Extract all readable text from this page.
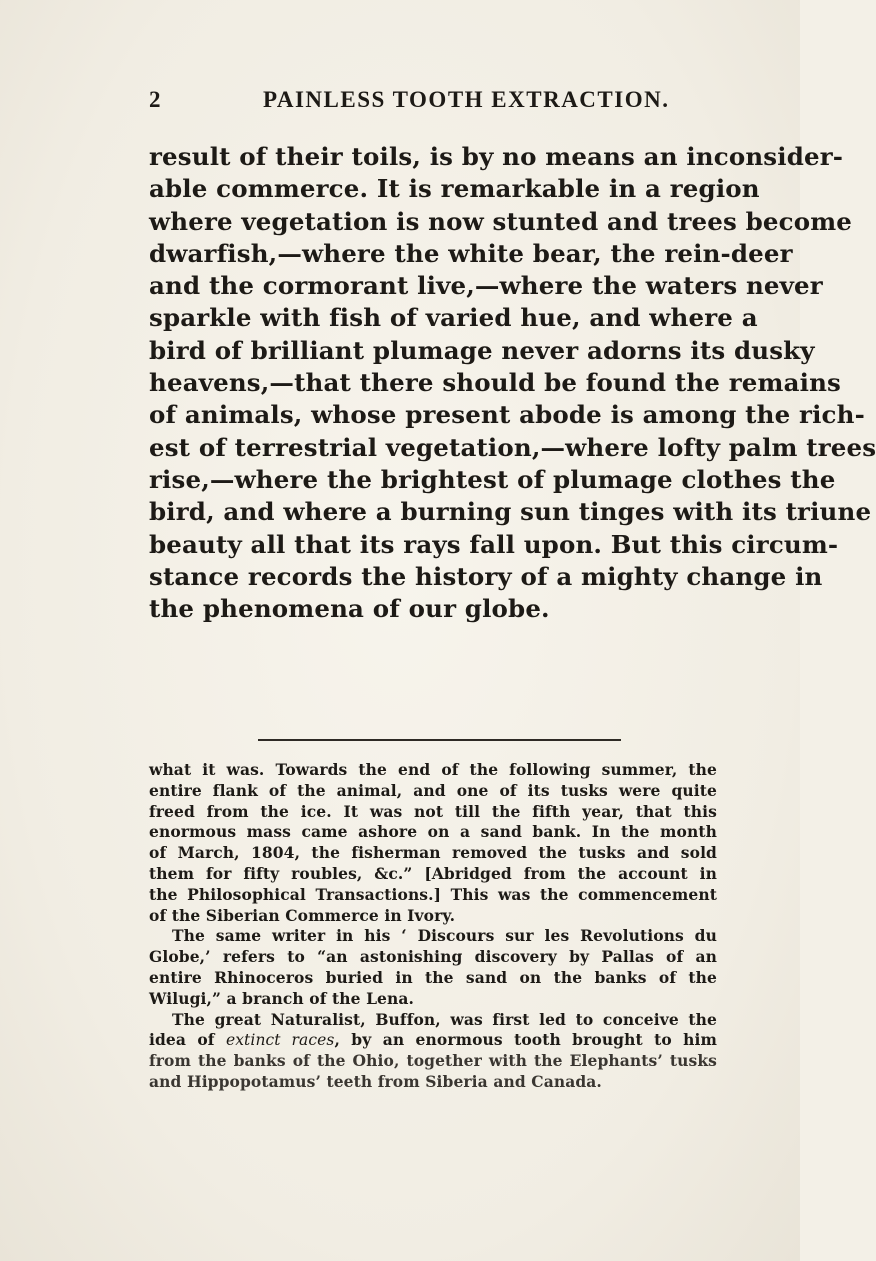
2	PAINLESS TOOTH EXTRACTION.
result of their toils, is by no means an inconsider-
able commerce. It is remarkable in a region
where vegetation is now stunted and trees become
dwarfish,—where the white bear, the rein-deer
and the cormorant live,—where the waters never
sparkle with fish of varied hue, and where a
bird of brilliant plumage never adorns its dusky
heavens,—that there should be found the remains
of animals, whose present abode is among the rich-
est of terrestrial vegetation,—where lofty palm trees
rise,—where the brightest of plumage clothes the
bird, and where a burning sun tinges with its triune
beauty all that its rays fall upon. But this circum-
stance records the history of a mighty change in
the phenomena of our globe.
what it was. Towards the end of the following summer, the
entire flank of the animal, and one of its tusks were quite
freed from the ice. It was not till the fifth year, that this
enormous mass came ashore on a sand bank. In the month
of March, 1804, the fisherman removed the tusks and sold
them for fifty roubles, &c.” [Abridged from the account in
the Philosophical Transactions.] This was the commencement
of the Siberian Commerce in Ivory.
The same writer in his ‘ Discours sur les Revolutions du
Globe,’ refers to “an astonishing discovery by Pallas of an
entire Rhinoceros buried in the sand on the banks of the
Wilugi,” a branch of the Lena.
The great Naturalist, Buffon, was first led to conceive the
idea of extinct races, by an enormous tooth brought to him
from the banks of the Ohio, together with the Elephants’ tusks
and Hippopotamus’ teeth from Siberia and Canada.
